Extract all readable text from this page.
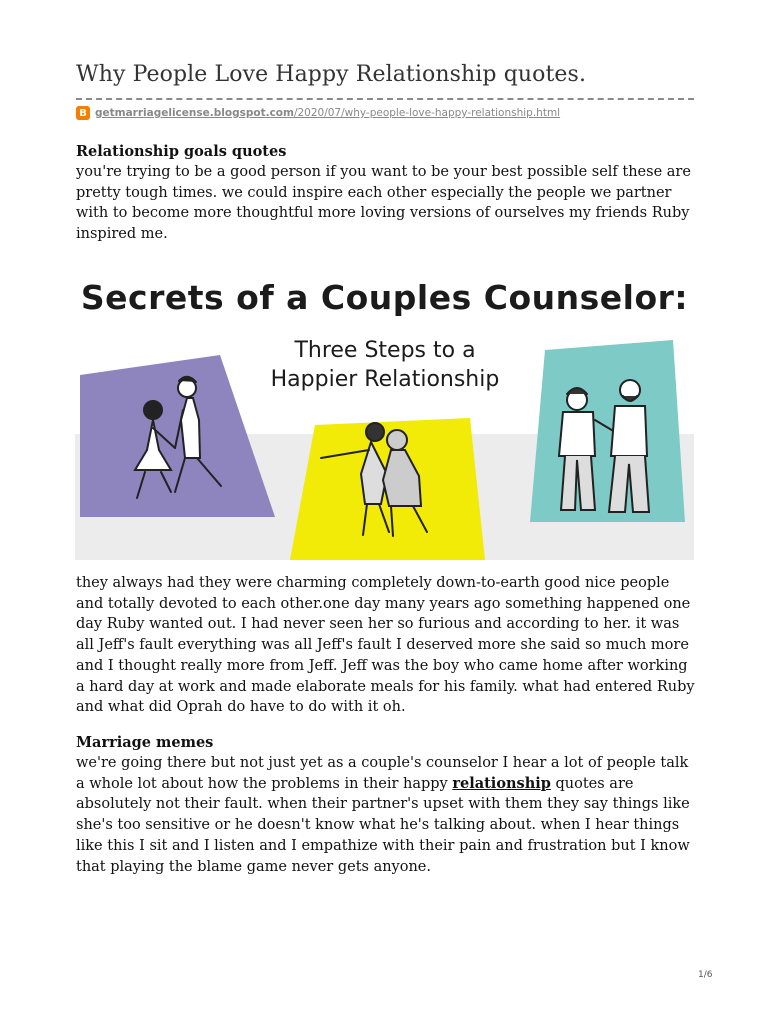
Why People Love Happy Relationship quotes.
B getmarriagelicense.blogspot.com/2020/07/why-people-love-happy-relationship.html
Relationship goals quotes

you're trying to be a good person if you want to be your best possible self these are pretty tough times. we could inspire each other especially the people we partner with to become more thoughtful more loving versions of ourselves my friends Ruby inspired me.

Secrets of a Couples Counselor:
Three Steps to a
Happier Relationship

they always had they were charming completely down-to-earth good nice people and totally devoted to each other.one day many years ago something happened one day Ruby wanted out. I had never seen her so furious and according to her. it was all Jeff's fault everything was all Jeff's fault I deserved more she said so much more and I thought really more from Jeff. Jeff was the boy who came home after working a hard day at work and made elaborate meals for his family. what had entered Ruby and what did Oprah do have to do with it oh.

Marriage memes

we're going there but not just yet as a couple's counselor I hear a lot of people talk a whole lot about how the problems in their happy relationship quotes are absolutely not their fault. when their partner's upset with them they say things like she's too sensitive or he doesn't know what he's talking about. when I hear things like this I sit and I listen and I empathize with their pain and frustration but I know that playing the blame game never gets anyone.

1/6
